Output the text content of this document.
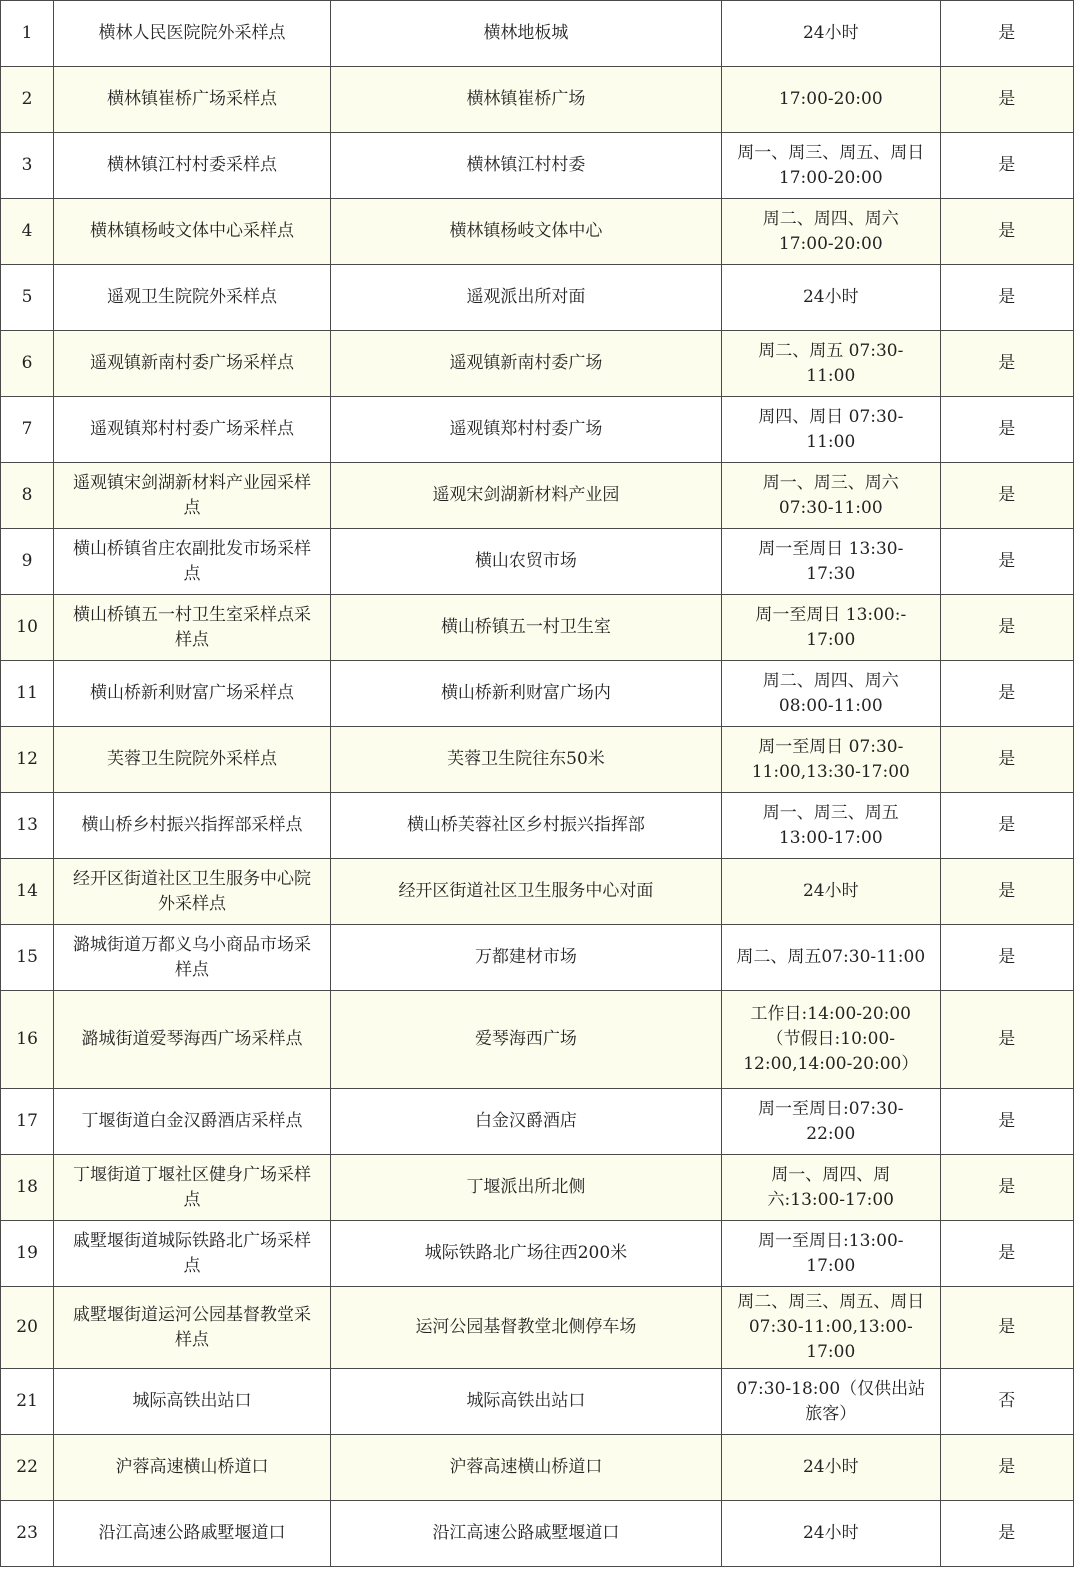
1	横林人民医院院外采样点	横林地板城	24小时	是
2	横林镇崔桥广场采样点	横林镇崔桥广场	17:00-20:00	是
3	横林镇江村村委采样点	横林镇江村村委	周一、周三、周五、周日
17:00-20:00	是
4	横林镇杨岐文体中心采样点	横林镇杨岐文体中心	周二、周四、周六
17:00-20:00	是
5	遥观卫生院院外采样点	遥观派出所对面	24小时	是
6	遥观镇新南村委广场采样点	遥观镇新南村委广场	周二、周五 07:30-
11:00	是
7	遥观镇郑村村委广场采样点	遥观镇郑村村委广场	周四、周日 07:30-
11:00	是
8	遥观镇宋剑湖新材料产业园采样
点	遥观宋剑湖新材料产业园	周一、周三、周六
07:30-11:00	是
9	横山桥镇省庄农副批发市场采样
点	横山农贸市场	周一至周日 13:30-
17:30	是
10	横山桥镇五一村卫生室采样点采
样点	横山桥镇五一村卫生室	周一至周日 13:00:-
17:00	是
11	横山桥新利财富广场采样点	横山桥新利财富广场内	周二、周四、周六
08:00-11:00	是
12	芙蓉卫生院院外采样点	芙蓉卫生院往东50米	周一至周日 07:30-
11:00,13:30-17:00	是
13	横山桥乡村振兴指挥部采样点	横山桥芙蓉社区乡村振兴指挥部	周一、周三、周五
13:00-17:00	是
14	经开区街道社区卫生服务中心院
外采样点	经开区街道社区卫生服务中心对面	24小时	是
15	潞城街道万都义乌小商品市场采
样点	万都建材市场	周二、周五07:30-11:00	是
16	潞城街道爱琴海西广场采样点	爱琴海西广场	工作日:14:00-20:00
（节假日:10:00-
12:00,14:00-20:00）	是
17	丁堰街道白金汉爵酒店采样点	白金汉爵酒店	周一至周日:07:30-
22:00	是
18	丁堰街道丁堰社区健身广场采样
点	丁堰派出所北侧	周一、周四、周
六:13:00-17:00	是
19	戚墅堰街道城际铁路北广场采样
点	城际铁路北广场往西200米	周一至周日:13:00-
17:00	是
20	戚墅堰街道运河公园基督教堂采
样点	运河公园基督教堂北侧停车场	周二、周三、周五、周日
07:30-11:00,13:00-
17:00	是
21	城际高铁出站口	城际高铁出站口	07:30-18:00（仅供出站
旅客）	否
22	沪蓉高速横山桥道口	沪蓉高速横山桥道口	24小时	是
23	沿江高速公路戚墅堰道口	沿江高速公路戚墅堰道口	24小时	是
